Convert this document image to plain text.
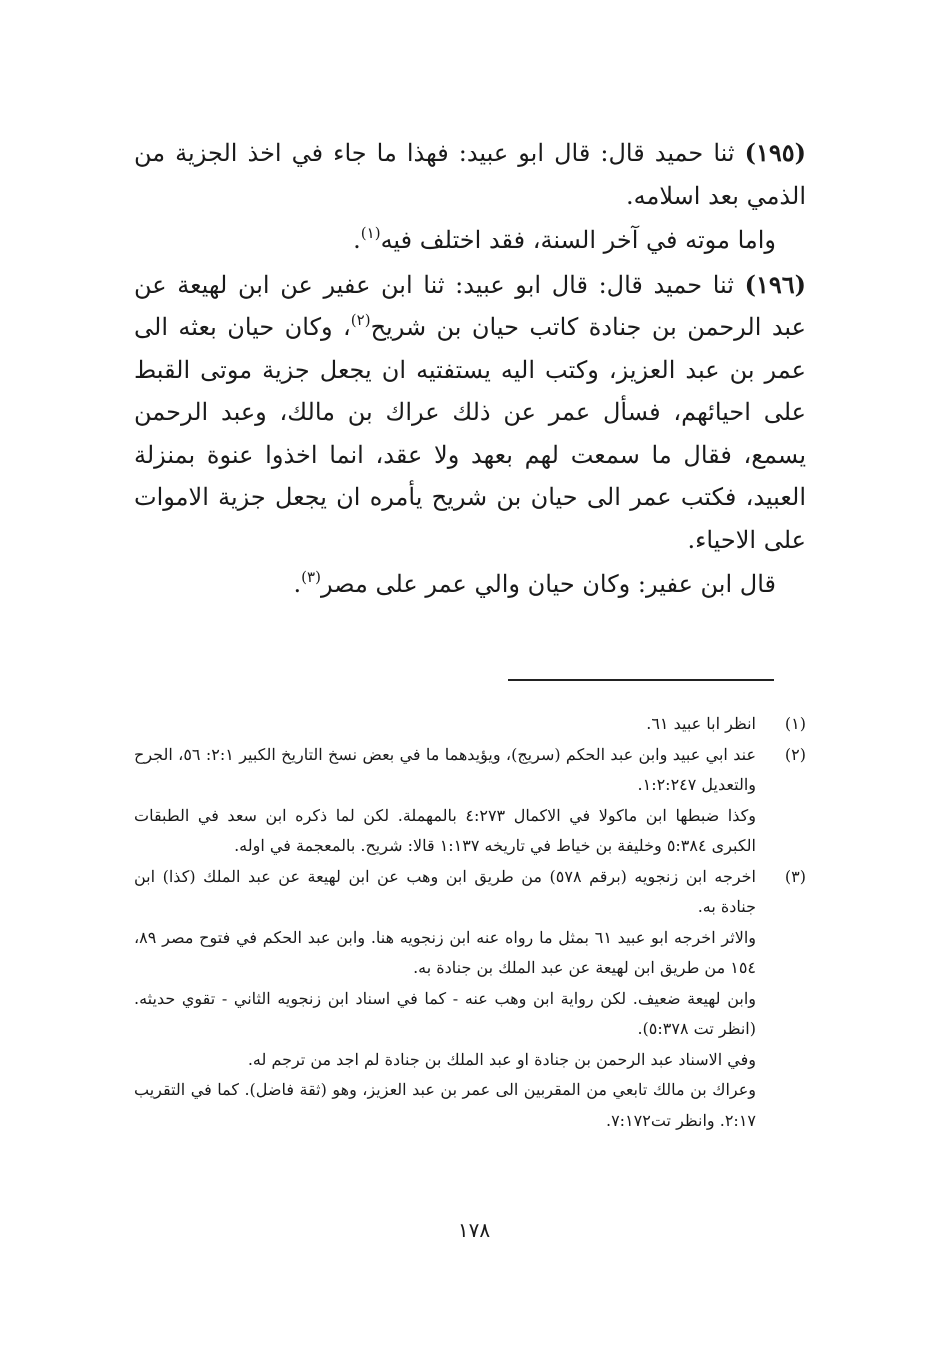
(١٩٥) ثنا حميد قال: قال ابو عبيد: فهذا ما جاء في اخذ الجزية من الذمي بعد اسلامه.

واما موته في آخر السنة، فقد اختلف فيه$^{(١)}$.

(١٩٦) ثنا حميد قال: قال ابو عبيد: ثنا ابن عفير عن ابن لهيعة عن عبد الرحمن بن جنادة كاتب حيان بن شريح$^{(٢)}$، وكان حيان بعثه الى عمر بن عبد العزيز، وكتب اليه يستفتيه ان يجعل جزية موتى القبط على احيائهم، فسأل عمر عن ذلك عراك بن مالك، وعبد الرحمن يسمع، فقال ما سمعت لهم بعهد ولا عقد، انما اخذوا عنوة بمنزلة العبيد، فكتب عمر الى حيان بن شريح يأمره ان يجعل جزية الاموات على الاحياء.

قال ابن عفير: وكان حيان والي عمر على مصر$^{(٣)}$.

(١)

انظر ابا عبيد ٦١.

(٢)

عند ابي عبيد وابن عبد الحكم (سريج)، ويؤيدهما ما في بعض نسخ التاريخ الكبير ٢:١: ٥٦، الجرح والتعديل ١:٢:٢٤٧.

وكذا ضبطها ابن ماكولا في الاكمال ٤:٢٧٣ بالمهملة. لكن لما ذكره ابن سعد في الطبقات الكبرى ٥:٣٨٤ وخليفة بن خياط في تاريخه ١:١٣٧ قالا: شريح. بالمعجمة في اوله.

(٣)

اخرجه ابن زنجويه (برقم ٥٧٨) من طريق ابن وهب عن ابن لهيعة عن عبد الملك (كذا) ابن جنادة به.

والاثر اخرجه ابو عبيد ٦١ بمثل ما رواه عنه ابن زنجويه هنا. وابن عبد الحكم في فتوح مصر ٨٩، ١٥٤ من طريق ابن لهيعة عن عبد الملك بن جنادة به.

وابن لهيعة ضعيف. لكن رواية ابن وهب عنه - كما في اسناد ابن زنجويه الثاني - تقوي حديثه. (انظر تت ٥:٣٧٨).

وفي الاسناد عبد الرحمن بن جنادة او عبد الملك بن جنادة لم اجد من ترجم له.

وعراك بن مالك تابعي من المقربين الى عمر بن عبد العزيز، وهو (ثقة فاضل). كما في التقريب ٢:١٧. وانظر تت٧:١٧٢.

١٧٨
